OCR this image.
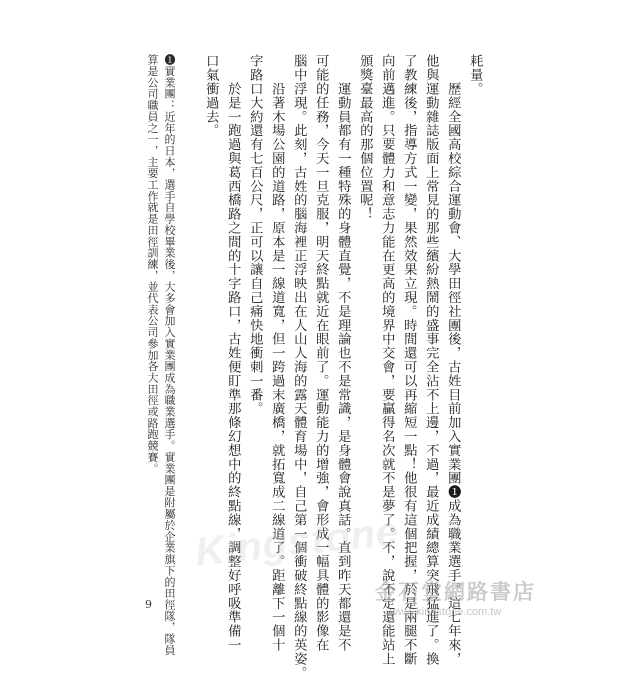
耗量。
　　歷經全國高校綜合運動會、大學田徑社團後，古姓目前加入實業團❶成為職業選手。這七年來，
他與運動雜誌版面上常見的那些繽紛熱鬧的盛事完全沾不上邊，不過，最近成績總算突飛猛進了。換
了教練後，指導方式一變，果然效果立現。時間還可以再縮短一點！他很有這個把握，於是兩腿不斷
向前邁進。只要體力和意志力能在更高的境界中交會，要贏得名次就不是夢了。不，說不定還能站上
頒獎臺最高的那個位置呢！
　　運動員都有一種特殊的身體直覺，不是理論也不是常識，是身體會說真話。直到昨天都還是不
可能的任務，今天一旦克服，明天終點就近在眼前了。運動能力的增強，會形成一幅具體的影像在
腦中浮現。此刻，古姓的腦海裡正浮映出在人山人海的露天體育場中，自己第一個衝破終點線的英姿。
　　沿著木場公園的道路，原本是一線道寬，但一跨過末廣橋，就拓寬成二線道了。距離下一個十
字路口大約還有七百公尺，正可以讓自己痛快地衝刺一番。
　　於是一跑過與葛西橋路之間的十字路口，古姓便盯準那條幻想中的終點線，調整好呼吸準備一
口氣衝過去。
❶實業團：近年的日本，選手自學校畢業後，大多會加入實業團成為職業選手。實業團是附屬於企業旗下的田徑隊，隊員
算是公司職員之一，主要工作就是田徑訓練，並代表公司參加各大田徑或路跑競賽。
9
Kingstone
金石堂網路書店
www.kingstone.com.tw
